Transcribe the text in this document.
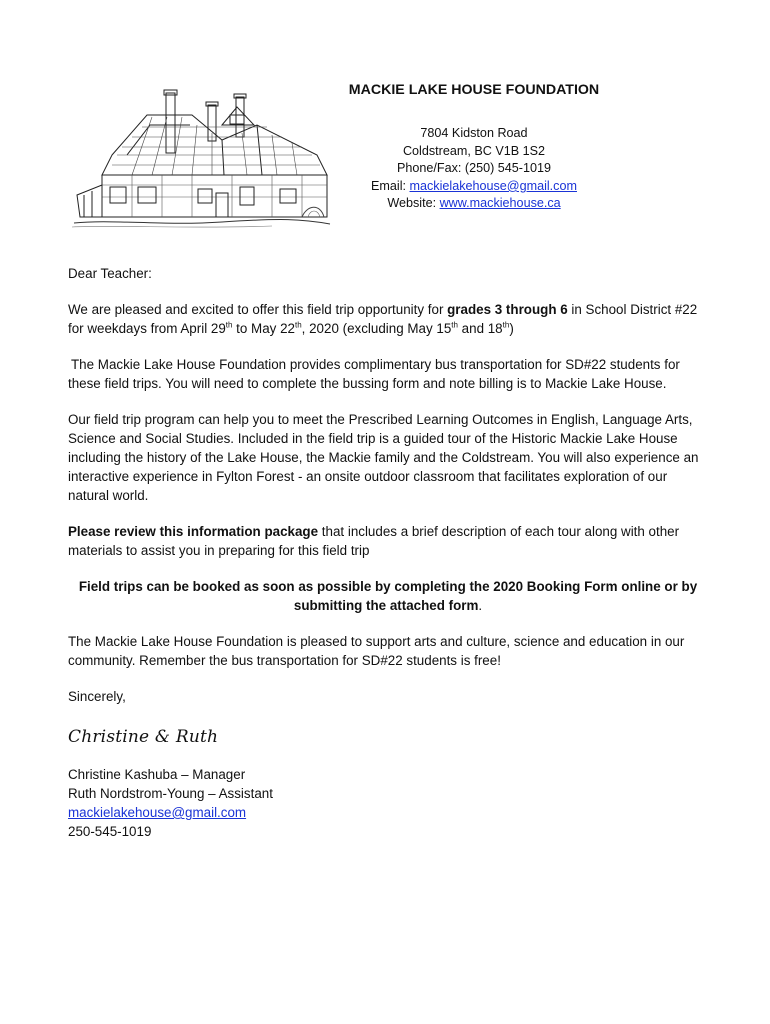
MACKIE LAKE HOUSE FOUNDATION

7804 Kidston Road

Coldstream, BC V1B 1S2

Phone/Fax: (250) 545-1019

Email: mackielakehouse@gmail.com

Website: www.mackiehouse.ca

Dear Teacher:

We are pleased and excited to offer this field trip opportunity for grades 3 through 6 in School District #22 for weekdays from April 29th to May 22th, 2020 (excluding May 15th and 18th)

The Mackie Lake House Foundation provides complimentary bus transportation for SD#22 students for these field trips. You will need to complete the bussing form and note billing is to Mackie Lake House.

Our field trip program can help you to meet the Prescribed Learning Outcomes in English, Language Arts, Science and Social Studies. Included in the field trip is a guided tour of the Historic Mackie Lake House including the history of the Lake House, the Mackie family and the Coldstream. You will also experience an interactive experience in Fylton Forest - an onsite outdoor classroom that facilitates exploration of our natural world.

Please review this information package that includes a brief description of each tour along with other materials to assist you in preparing for this field trip

Field trips can be booked as soon as possible by completing the 2020 Booking Form online or by submitting the attached form.

The Mackie Lake House Foundation is pleased to support arts and culture, science and education in our community. Remember the bus transportation for SD#22 students is free!

Sincerely,

Christine & Ruth

Christine Kashuba – Manager

Ruth Nordstrom-Young – Assistant

mackielakehouse@gmail.com

250-545-1019
